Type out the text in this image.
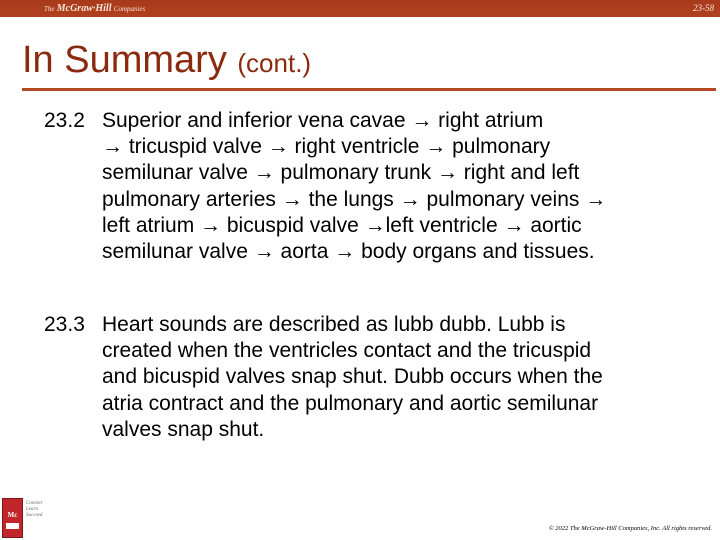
The McGraw·Hill Companies	23-58
In Summary (cont.)
23.2 Superior and inferior vena cavae → right atrium
→ tricuspid valve → right ventricle → pulmonary
semilunar valve → pulmonary trunk → right and left
pulmonary arteries → the lungs → pulmonary veins →
left atrium → bicuspid valve →left ventricle → aortic
semilunar valve → aorta → body organs and tissues.

23.3 Heart sounds are described as lubb dubb. Lubb is
created when the ventricles contact and the tricuspid
and bicuspid valves snap shut. Dubb occurs when the
atria contract and the pulmonary and aortic semilunar
valves snap shut.

Mc
Connect
Learn
Succeed
© 2022 The McGraw-Hill Companies, Inc. All rights reserved.
